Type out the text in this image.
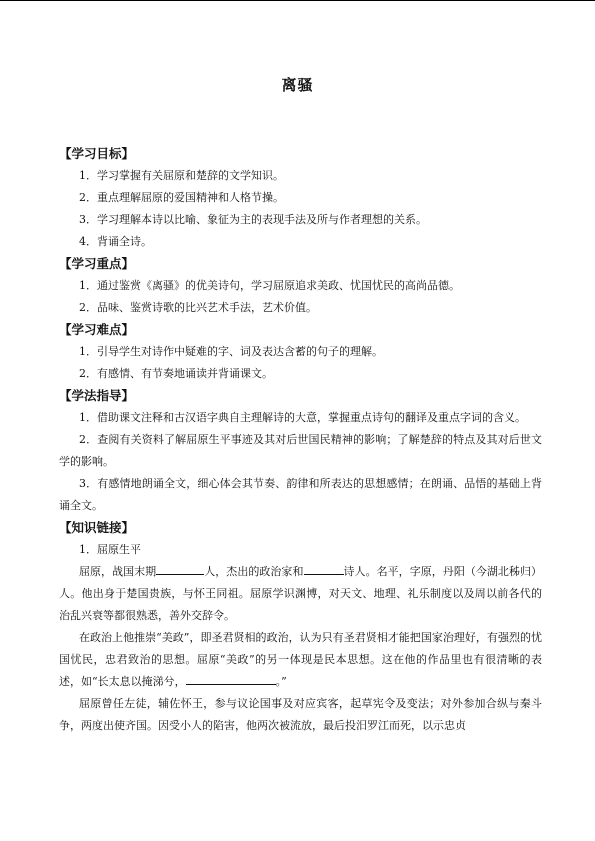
离骚
【学习目标】
1．学习掌握有关屈原和楚辞的文学知识。
2．重点理解屈原的爱国精神和人格节操。
3．学习理解本诗以比喻、象征为主的表现手法及所与作者理想的关系。
4．背诵全诗。
【学习重点】
1．通过鉴赏《离骚》的优美诗句，学习屈原追求美政、忧国忧民的高尚品德。
2．品味、鉴赏诗歌的比兴艺术手法，艺术价值。
【学习难点】
1．引导学生对诗作中疑难的字、词及表达含蓄的句子的理解。
2．有感情、有节奏地诵读并背诵课文。
【学法指导】
1．借助课文注释和古汉语字典自主理解诗的大意，掌握重点诗句的翻译及重点字词的含义。
2．查阅有关资料了解屈原生平事迹及其对后世国民精神的影响；了解楚辞的特点及其对后世文学的影响。
3．有感情地朗诵全文，细心体会其节奏、韵律和所表达的思想感情；在朗诵、品悟的基础上背诵全文。
【知识链接】
1．屈原生平
屈原，战国末期	人，杰出的政治家和	诗人。名平，字原，丹阳（今湖北秭归）人。他出身于楚国贵族，与怀王同祖。屈原学识渊博，对天文、地理、礼乐制度以及周以前各代的治乱兴衰等都很熟悉，善外交辞令。
在政治上他推崇“美政”，即圣君贤相的政治，认为只有圣君贤相才能把国家治理好，有强烈的忧国忧民，忠君致治的思想。屈原“美政”的另一体现是民本思想。这在他的作品里也有很清晰的表述，如“长太息以掩涕兮，	。”
屈原曾任左徒，辅佐怀王，参与议论国事及对应宾客，起草宪令及变法；对外参加合纵与秦斗争，两度出使齐国。因受小人的陷害，他两次被流放，最后投汨罗江而死，以示忠贞
